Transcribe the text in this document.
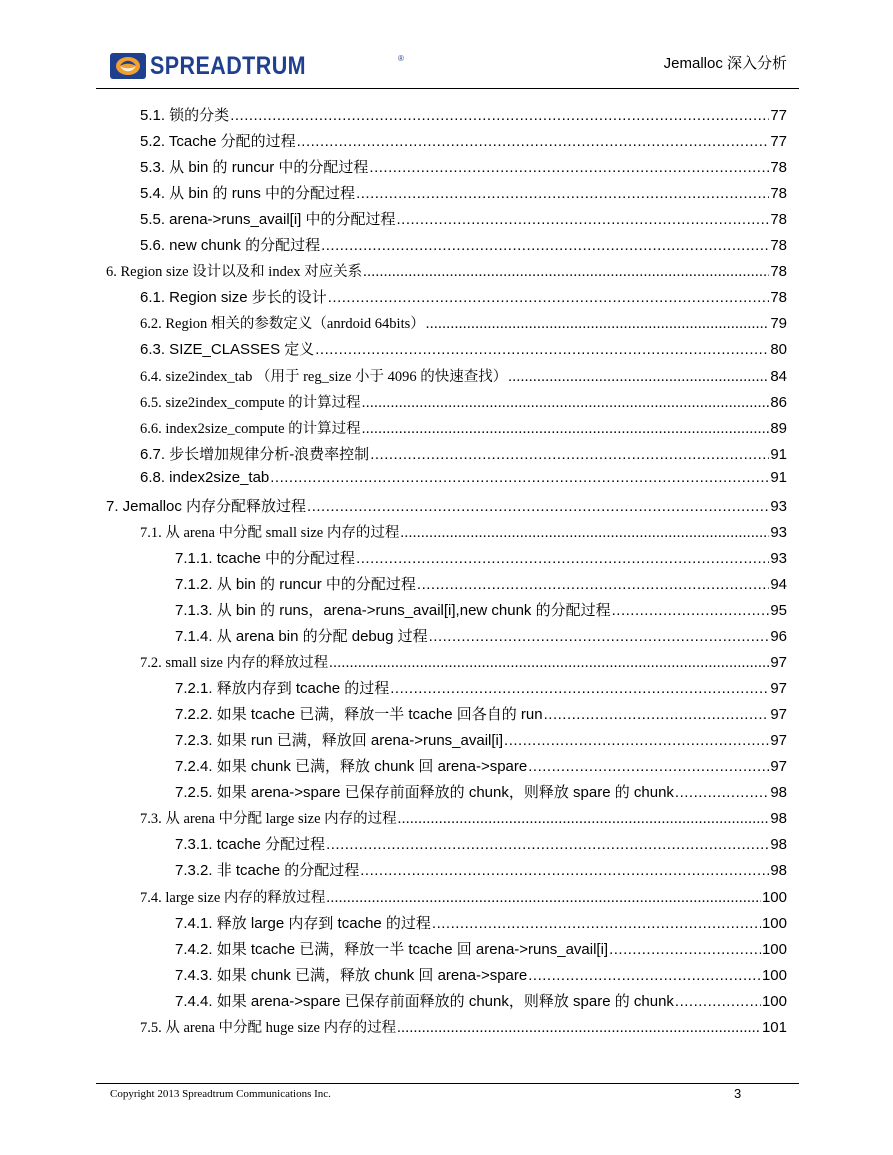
SPREADTRUM	®	Jemalloc 深入分析
5.1. 锁的分类 .....	77
5.2. Tcache 分配的过程 .....	77
5.3. 从 bin 的 runcur 中的分配过程 .....	78
5.4. 从 bin 的 runs 中的分配过程 .....	78
5.5. arena->runs_avail[i] 中的分配过程 .....	78
5.6. new chunk 的分配过程 .....	78
6. Region size 设计以及和 index 对应关系 .....	78
6.1. Region size 步长的设计 .....	78
6.2. Region 相关的参数定义（anrdoid 64bits） .....	79
6.3. SIZE_CLASSES 定义 .....	80
6.4. size2index_tab （用于 reg_size 小于 4096 的快速查找） .....	84
6.5. size2index_compute 的计算过程 .....	86
6.6. index2size_compute 的计算过程 .....	89
6.7. 步长增加规律分析-浪费率控制 .....	91
6.8. index2size_tab .....	91
7. Jemalloc 内存分配释放过程 .....	93
7.1. 从 arena 中分配 small size 内存的过程 .....	93
7.1.1. tcache 中的分配过程 .....	93
7.1.2. 从 bin 的 runcur 中的分配过程 .....	94
7.1.3. 从 bin 的 runs，arena->runs_avail[i],new chunk 的分配过程 .....	95
7.1.4. 从 arena bin 的分配 debug 过程 .....	96
7.2. small size 内存的释放过程 .....	97
7.2.1. 释放内存到 tcache 的过程 .....	97
7.2.2. 如果 tcache 已满，释放一半 tcache 回各自的 run .....	97
7.2.3. 如果 run 已满，释放回 arena->runs_avail[i] .....	97
7.2.4. 如果 chunk 已满，释放 chunk 回 arena->spare .....	97
7.2.5. 如果 arena->spare 已保存前面释放的 chunk，则释放 spare 的 chunk .....	98
7.3. 从 arena 中分配 large size 内存的过程 .....	98
7.3.1. tcache 分配过程 .....	98
7.3.2. 非 tcache 的分配过程 .....	98
7.4. large size 内存的释放过程 .....	100
7.4.1. 释放 large 内存到 tcache 的过程 .....	100
7.4.2. 如果 tcache 已满，释放一半 tcache 回 arena->runs_avail[i] .....	100
7.4.3. 如果 chunk 已满，释放 chunk 回 arena->spare .....	100
7.4.4. 如果 arena->spare 已保存前面释放的 chunk，则释放 spare 的 chunk .....	100
7.5. 从 arena 中分配 huge size 内存的过程 .....	101
Copyright 2013 Spreadtrum Communications Inc.	3
